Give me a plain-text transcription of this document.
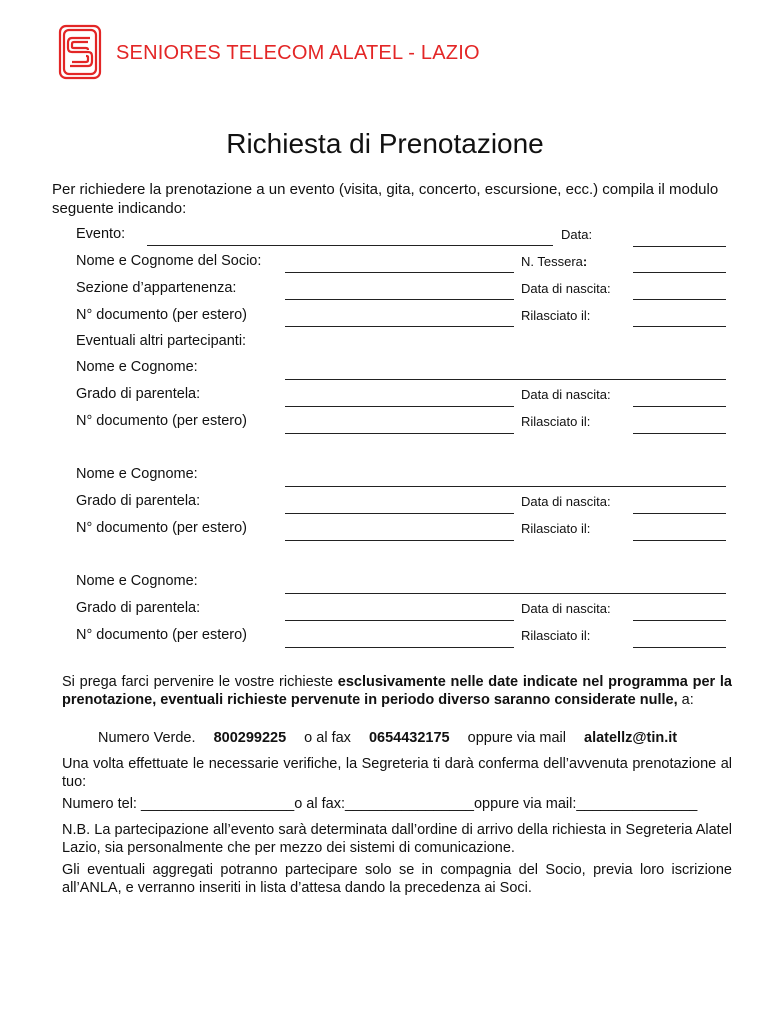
SENIORES TELECOM ALATEL - LAZIO
Richiesta di Prenotazione
Per richiedere la prenotazione a un evento (visita, gita, concerto, escursione, ecc.) compila il modulo seguente indicando:
Evento:	Data:
Nome e Cognome del Socio:	N. Tessera:
Sezione d’appartenenza:	Data di nascita:
N° documento (per estero)	Rilasciato il:
Eventuali altri partecipanti:
Nome e Cognome:
Grado di parentela:	Data di nascita:
N° documento (per estero)	Rilasciato il:
Nome e Cognome:
Grado di parentela:	Data di nascita:
N° documento (per estero)	Rilasciato il:
Nome e Cognome:
Grado di parentela:	Data di nascita:
N° documento (per estero)	Rilasciato il:
Si prega farci pervenire le vostre richieste esclusivamente nelle date indicate nel programma per la prenotazione, eventuali richieste pervenute in periodo diverso saranno considerate nulle, a:
Numero Verde. 800299225 o al fax 0654432175 oppure via mail alatellz@tin.it
Una volta effettuate le necessarie verifiche, la Segreteria ti darà conferma dell’avvenuta prenotazione al tuo:
Numero tel: ___________________o al fax:________________oppure via mail:_______________
N.B. La partecipazione all’evento sarà determinata dall’ordine di arrivo della richiesta in Segreteria Alatel Lazio, sia personalmente che per mezzo dei sistemi di comunicazione.
Gli eventuali aggregati potranno partecipare solo se in compagnia del Socio, previa loro iscrizione all’ANLA, e verranno inseriti in lista d’attesa dando la precedenza ai Soci.
